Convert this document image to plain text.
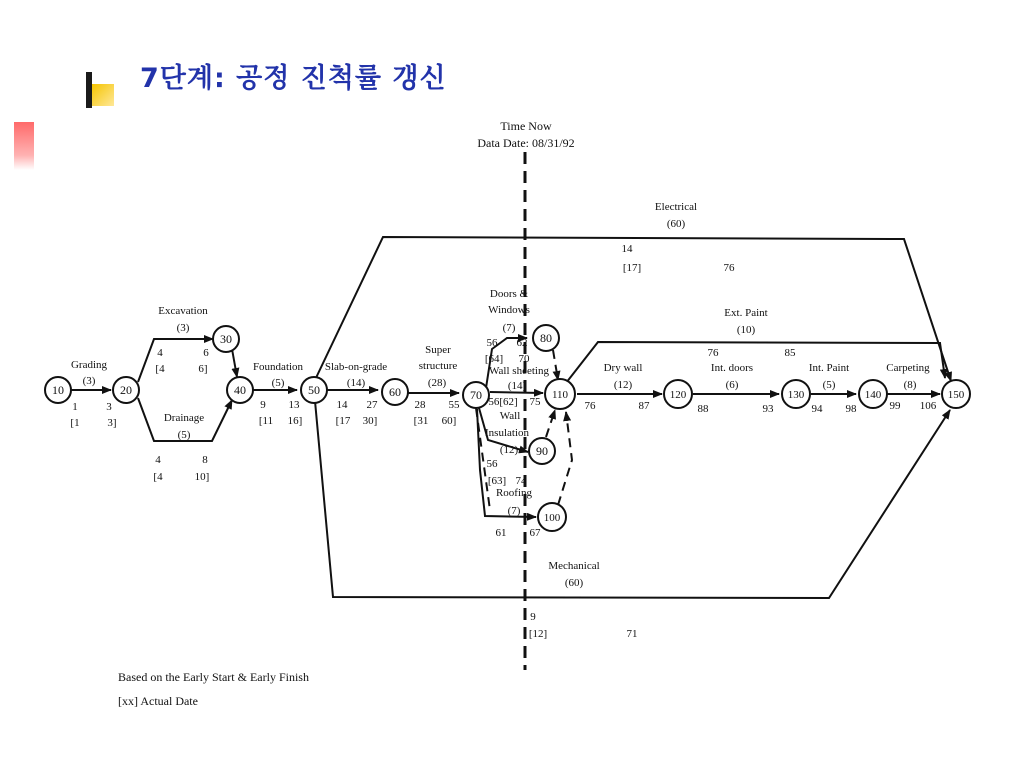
7단계: 공정 진척률 갱신
Time Now
Data Date: 08/31/92
10	20
30
40	50	60	70
80
90
100
110	120	130	140	150
Grading
(3)
1	3
[1	3]
Excavation
(3)
4	6
[4	6]
Drainage
(5)
4	8
[4	10]
Foundation
(5)
9 13
[11 16]
Slab-on-grade
(14)
14 27
[17 30]
Super
structure
(28)
28 55
[31 60]
Doors &
Windows
(7)
56 62
[64] 70
Wall sheeting
(14)
56[62] 75
Wall
Insulation
(12)
56
[63] 74
Roofing
(7)
61 67
Electrical
(60)
14
[17]	76
Ext. Paint
(10)
76	85
Dry wall
(12)
76	87
Int. doors
(6)
88	93
Int. Paint
(5)
94 98
Carpeting
(8)
99 106
Mechanical
(60)
9
[12]	71
Based on the Early Start & Early Finish
[xx] Actual Date
